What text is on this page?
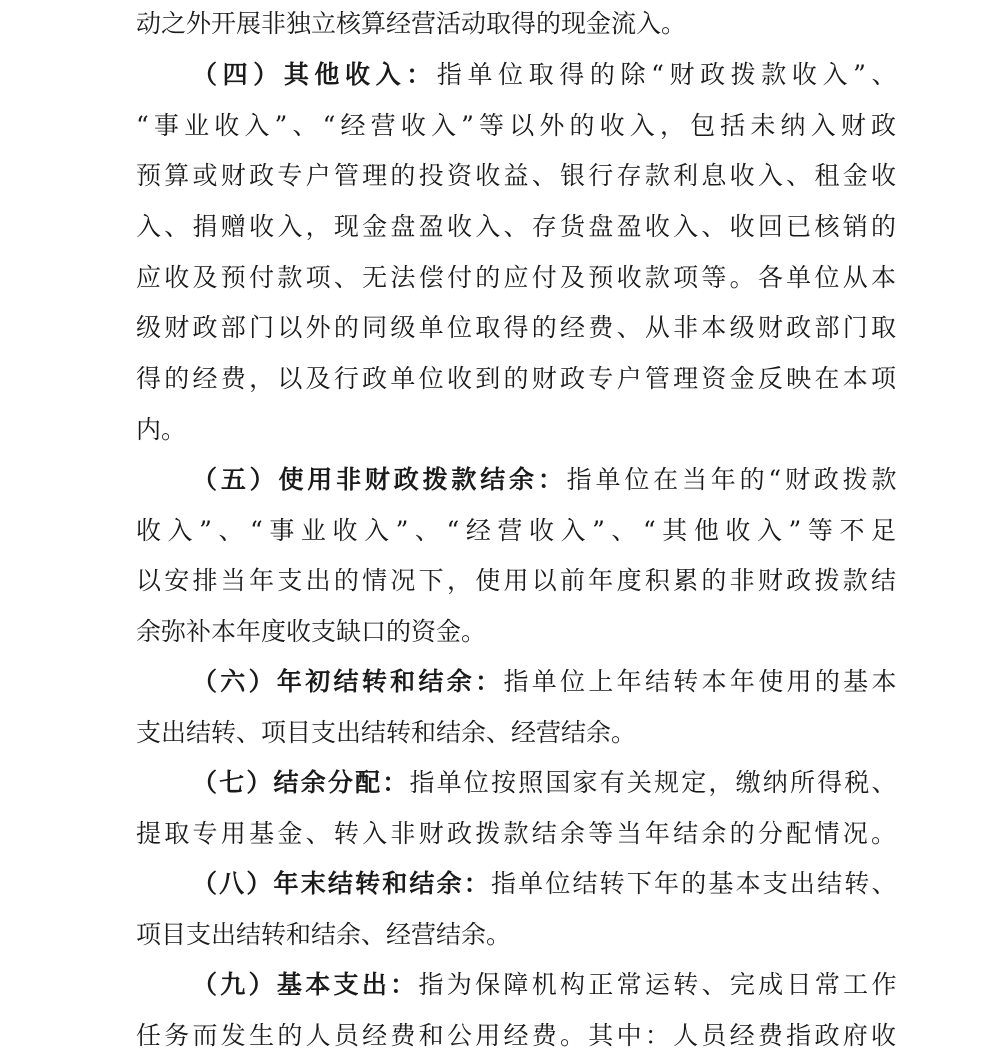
动之外开展非独立核算经营活动取得的现金流入。
（四）其他收入：指单位取得的除“财政拨款收入”、
“事业收入”、“经营收入”等以外的收入，包括未纳入财政
预算或财政专户管理的投资收益、银行存款利息收入、租金收
入、捐赠收入，现金盘盈收入、存货盘盈收入、收回已核销的
应收及预付款项、无法偿付的应付及预收款项等。各单位从本
级财政部门以外的同级单位取得的经费、从非本级财政部门取
得的经费，以及行政单位收到的财政专户管理资金反映在本项
内。
（五）使用非财政拨款结余：指单位在当年的“财政拨款
收入”、“事业收入”、“经营收入”、“其他收入”等不足
以安排当年支出的情况下，使用以前年度积累的非财政拨款结
余弥补本年度收支缺口的资金。
（六）年初结转和结余：指单位上年结转本年使用的基本
支出结转、项目支出结转和结余、经营结余。
（七）结余分配：指单位按照国家有关规定，缴纳所得税、
提取专用基金、转入非财政拨款结余等当年结余的分配情况。
（八）年末结转和结余：指单位结转下年的基本支出结转、
项目支出结转和结余、经营结余。
（九）基本支出：指为保障机构正常运转、完成日常工作
任务而发生的人员经费和公用经费。其中：人员经费指政府收
